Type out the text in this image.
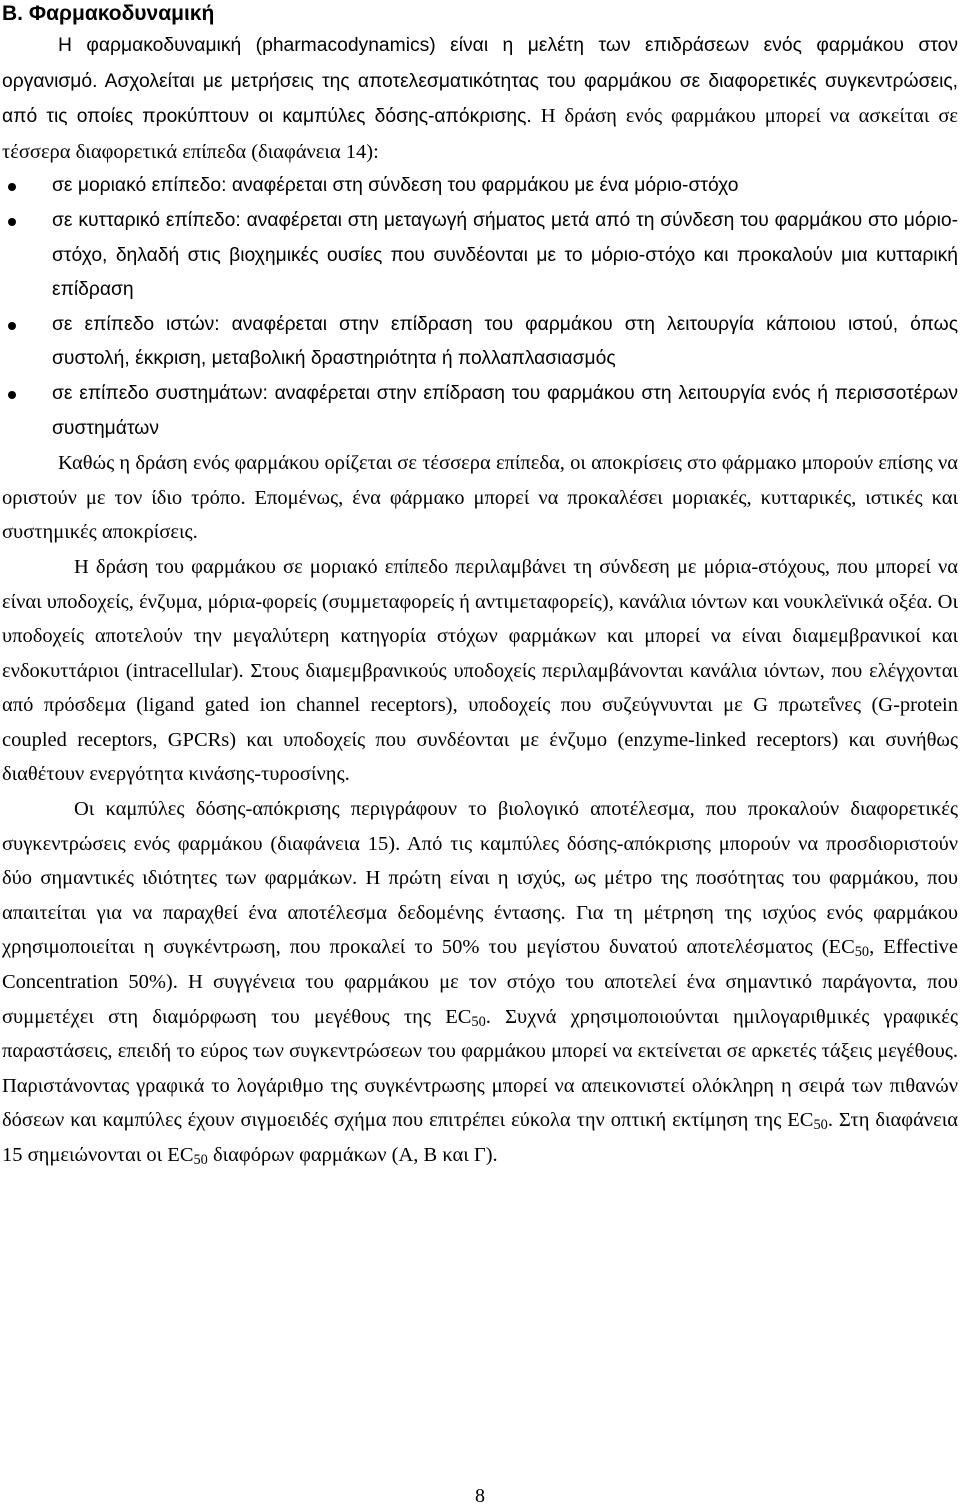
Β. Φαρμακοδυναμική

Η φαρμακοδυναμική (pharmacodynamics) είναι η μελέτη των επιδράσεων ενός φαρμάκου στον οργανισμό. Ασχολείται με μετρήσεις της αποτελεσματικότητας του φαρμάκου σε διαφορετικές συγκεντρώσεις, από τις οποίες προκύπτουν οι καμπύλες δόσης-απόκρισης. Η δράση ενός φαρμάκου μπορεί να ασκείται σε τέσσερα διαφορετικά επίπεδα (διαφάνεια 14):

σε μοριακό επίπεδο: αναφέρεται στη σύνδεση του φαρμάκου με ένα μόριο-στόχο
σε κυτταρικό επίπεδο: αναφέρεται στη μεταγωγή σήματος μετά από τη σύνδεση του φαρμάκου στο μόριο-στόχο, δηλαδή στις βιοχημικές ουσίες που συνδέονται με το μόριο-στόχο και προκαλούν μια κυτταρική επίδραση
σε επίπεδο ιστών: αναφέρεται στην επίδραση του φαρμάκου στη λειτουργία κάποιου ιστού, όπως συστολή, έκκριση, μεταβολική δραστηριότητα ή πολλαπλασιασμός
σε επίπεδο συστημάτων: αναφέρεται στην επίδραση του φαρμάκου στη λειτουργία ενός ή περισσοτέρων συστημάτων

Καθώς η δράση ενός φαρμάκου ορίζεται σε τέσσερα επίπεδα, οι αποκρίσεις στο φάρμακο μπορούν επίσης να οριστούν με τον ίδιο τρόπο. Επομένως, ένα φάρμακο μπορεί να προκαλέσει μοριακές, κυτταρικές, ιστικές και συστημικές αποκρίσεις.

Η δράση του φαρμάκου σε μοριακό επίπεδο περιλαμβάνει τη σύνδεση με μόρια-στόχους, που μπορεί να είναι υποδοχείς, ένζυμα, μόρια-φορείς (συμμεταφορείς ή αντιμεταφορείς), κανάλια ιόντων και νουκλεϊνικά οξέα. Οι υποδοχείς αποτελούν την μεγαλύτερη κατηγορία στόχων φαρμάκων και μπορεί να είναι διαμεμβρανικοί και ενδοκυττάριοι (intracellular). Στους διαμεμβρανικούς υποδοχείς περιλαμβάνονται κανάλια ιόντων, που ελέγχονται από πρόσδεμα (ligand gated ion channel receptors), υποδοχείς που συζεύγνυνται με G πρωτεΐνες (G-protein coupled receptors, GPCRs) και υποδοχείς που συνδέονται με ένζυμο (enzyme-linked receptors) και συνήθως διαθέτουν ενεργότητα κινάσης-τυροσίνης.

Οι καμπύλες δόσης-απόκρισης περιγράφουν το βιολογικό αποτέλεσμα, που προκαλούν διαφορετικές συγκεντρώσεις ενός φαρμάκου (διαφάνεια 15). Από τις καμπύλες δόσης-απόκρισης μπορούν να προσδιοριστούν δύο σημαντικές ιδιότητες των φαρμάκων. Η πρώτη είναι η ισχύς, ως μέτρο της ποσότητας του φαρμάκου, που απαιτείται για να παραχθεί ένα αποτέλεσμα δεδομένης έντασης. Για τη μέτρηση της ισχύος ενός φαρμάκου χρησιμοποιείται η συγκέντρωση, που προκαλεί το 50% του μεγίστου δυνατού αποτελέσματος ($EC_{50}$, Effective Concentration 50%). Η συγγένεια του φαρμάκου με τον στόχο του αποτελεί ένα σημαντικό παράγοντα, που συμμετέχει στη διαμόρφωση του μεγέθους της $EC_{50}$. Συχνά χρησιμοποιούνται ημιλογαριθμικές γραφικές παραστάσεις, επειδή το εύρος των συγκεντρώσεων του φαρμάκου μπορεί να εκτείνεται σε αρκετές τάξεις μεγέθους. Παριστάνοντας γραφικά το λογάριθμο της συγκέντρωσης μπορεί να απεικονιστεί ολόκληρη η σειρά των πιθανών δόσεων και καμπύλες έχουν σιγμοειδές σχήμα που επιτρέπει εύκολα την οπτική εκτίμηση της $EC_{50}$. Στη διαφάνεια 15 σημειώνονται οι $EC_{50}$ διαφόρων φαρμάκων (Α, Β και Γ).

8
